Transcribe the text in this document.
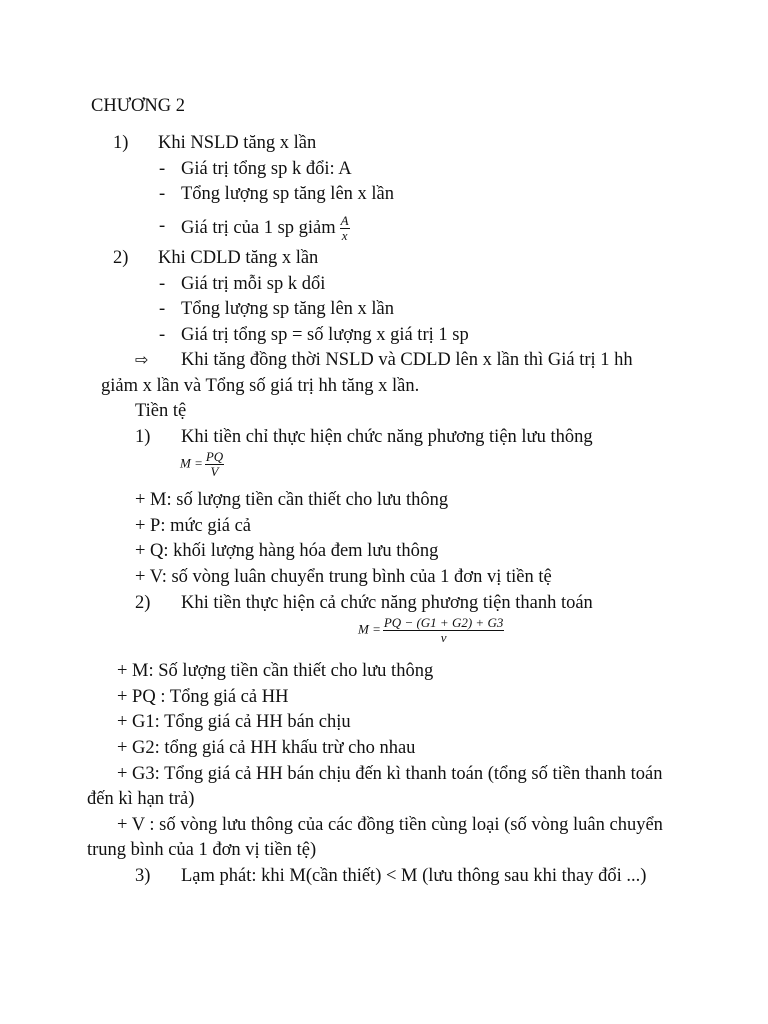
CHƯƠNG 2
1) Khi NSLD tăng x lần
- Giá trị tổng sp k đổi: A
- Tổng lượng sp tăng lên x lần
- Giá trị của 1 sp giảm $\frac{A}{x}$
2) Khi CDLD tăng x lần
- Giá trị mỗi sp k dổi
- Tổng lượng sp tăng lên x lần
- Giá trị tổng sp = số lượng x giá trị 1 sp
⇨ Khi tăng đồng thời NSLD và CDLD lên x lần thì Giá trị 1 hh
giảm x lần và Tổng số giá trị hh tăng x lần.
Tiền tệ
1) Khi tiền chỉ thực hiện chức năng phương tiện lưu thông
$M = \frac{PQ}{V}$
+ M: số lượng tiền cần thiết cho lưu thông
+ P: mức giá cả
+ Q: khối lượng hàng hóa đem lưu thông
+ V: số vòng luân chuyển trung bình của 1 đơn vị tiền tệ
2) Khi tiền thực hiện cả chức năng phương tiện thanh toán
$M = \frac{PQ - (G1 + G2) + G3}{v}$
+ M: Số lượng tiền cần thiết cho lưu thông
+ PQ : Tổng giá cả HH
+ G1: Tổng giá cả HH bán chịu
+ G2: tổng giá cả HH khấu trừ cho nhau
+ G3: Tổng giá cả HH bán chịu đến kì thanh toán (tổng số tiền thanh toán
đến kì hạn trả)
+ V : số vòng lưu thông của các đồng tiền cùng loại (số vòng luân chuyển
trung bình của 1 đơn vị tiền tệ)
3) Lạm phát: khi M(cần thiết) < M (lưu thông sau khi thay đổi ...)
